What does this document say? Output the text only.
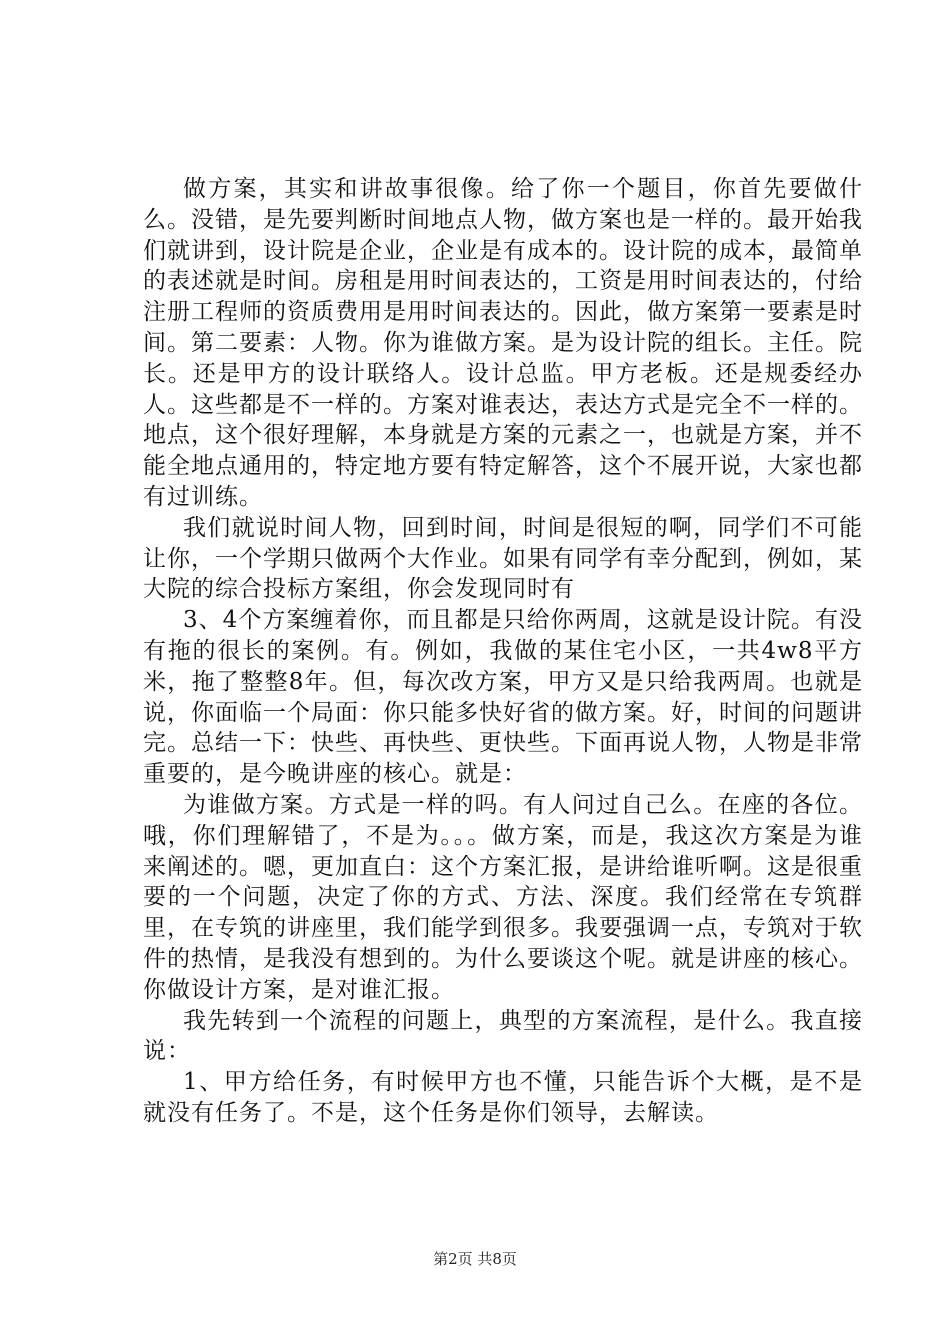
做方案，其实和讲故事很像。给了你一个题目，你首先要做什么。没错，是先要判断时间地点人物，做方案也是一样的。最开始我们就讲到，设计院是企业，企业是有成本的。设计院的成本，最简单的表述就是时间。房租是用时间表达的，工资是用时间表达的，付给注册工程师的资质费用是用时间表达的。因此，做方案第一要素是时间。第二要素：人物。你为谁做方案。是为设计院的组长。主任。院长。还是甲方的设计联络人。设计总监。甲方老板。还是规委经办人。这些都是不一样的。方案对谁表达，表达方式是完全不一样的。地点，这个很好理解，本身就是方案的元素之一，也就是方案，并不能全地点通用的，特定地方要有特定解答，这个不展开说，大家也都有过训练。

我们就说时间人物，回到时间，时间是很短的啊，同学们不可能让你，一个学期只做两个大作业。如果有同学有幸分配到，例如，某大院的综合投标方案组，你会发现同时有

3、4个方案缠着你，而且都是只给你两周，这就是设计院。有没有拖的很长的案例。有。例如，我做的某住宅小区，一共4w8平方米，拖了整整8年。但，每次改方案，甲方又是只给我两周。也就是说，你面临一个局面：你只能多快好省的做方案。好，时间的问题讲完。总结一下：快些、再快些、更快些。下面再说人物，人物是非常重要的，是今晚讲座的核心。就是：

为谁做方案。方式是一样的吗。有人问过自己么。在座的各位。哦，你们理解错了，不是为。。。做方案，而是，我这次方案是为谁来阐述的。嗯，更加直白：这个方案汇报，是讲给谁听啊。这是很重要的一个问题，决定了你的方式、方法、深度。我们经常在专筑群里，在专筑的讲座里，我们能学到很多。我要强调一点，专筑对于软件的热情，是我没有想到的。为什么要谈这个呢。就是讲座的核心。你做设计方案，是对谁汇报。

我先转到一个流程的问题上，典型的方案流程，是什么。我直接说：

1、甲方给任务，有时候甲方也不懂，只能告诉个大概，是不是就没有任务了。不是，这个任务是你们领导，去解读。

第2页 共8页
